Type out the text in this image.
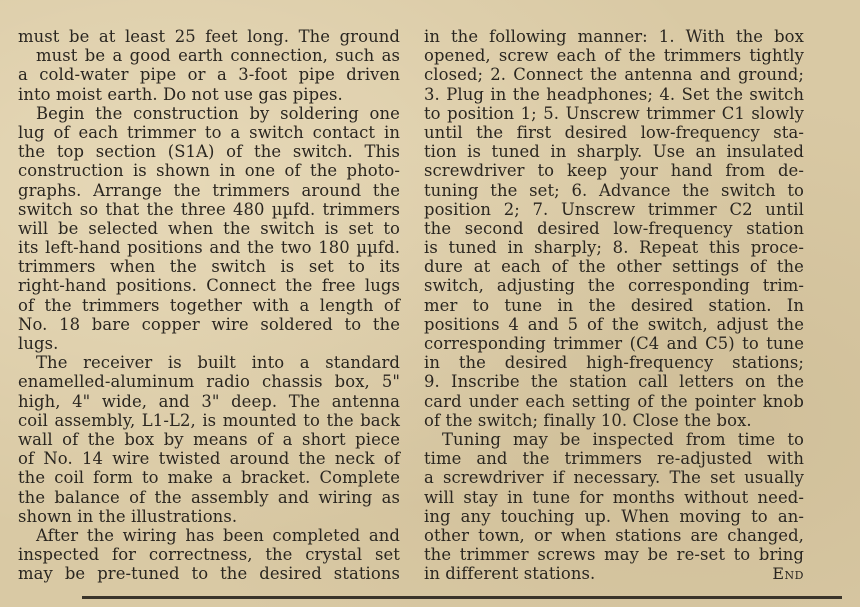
must be at least 25 feet long. The ground
must be a good earth connection, such as
a cold-water pipe or a 3-foot pipe driven
into moist earth. Do not use gas pipes.
Begin the construction by soldering one
lug of each trimmer to a switch contact in
the top section (S1A) of the switch. This
construction is shown in one of the photo-
graphs. Arrange the trimmers around the
switch so that the three 480 µµfd. trimmers
will be selected when the switch is set to
its left-hand positions and the two 180 µµfd.
trimmers when the switch is set to its
right-hand positions. Connect the free lugs
of the trimmers together with a length of
No. 18 bare copper wire soldered to the
lugs.
The receiver is built into a standard
enamelled-aluminum radio chassis box, 5"
high, 4" wide, and 3" deep. The antenna
coil assembly, L1-L2, is mounted to the back
wall of the box by means of a short piece
of No. 14 wire twisted around the neck of
the coil form to make a bracket. Complete
the balance of the assembly and wiring as
shown in the illustrations.
After the wiring has been completed and
inspected for correctness, the crystal set
may be pre-tuned to the desired stations
in the following manner: 1. With the box
opened, screw each of the trimmers tightly
closed; 2. Connect the antenna and ground;
3. Plug in the headphones; 4. Set the switch
to position 1; 5. Unscrew trimmer C1 slowly
until the first desired low-frequency sta-
tion is tuned in sharply. Use an insulated
screwdriver to keep your hand from de-
tuning the set; 6. Advance the switch to
position 2; 7. Unscrew trimmer C2 until
the second desired low-frequency station
is tuned in sharply; 8. Repeat this proce-
dure at each of the other settings of the
switch, adjusting the corresponding trim-
mer to tune in the desired station. In
positions 4 and 5 of the switch, adjust the
corresponding trimmer (C4 and C5) to tune
in the desired high-frequency stations;
9. Inscribe the station call letters on the
card under each setting of the pointer knob
of the switch; finally 10. Close the box.
Tuning may be inspected from time to
time and the trimmers re-adjusted with
a screwdriver if necessary. The set usually
will stay in tune for months without need-
ing any touching up. When moving to an-
other town, or when stations are changed,
the trimmer screws may be re-set to bring
in different stations.	End
